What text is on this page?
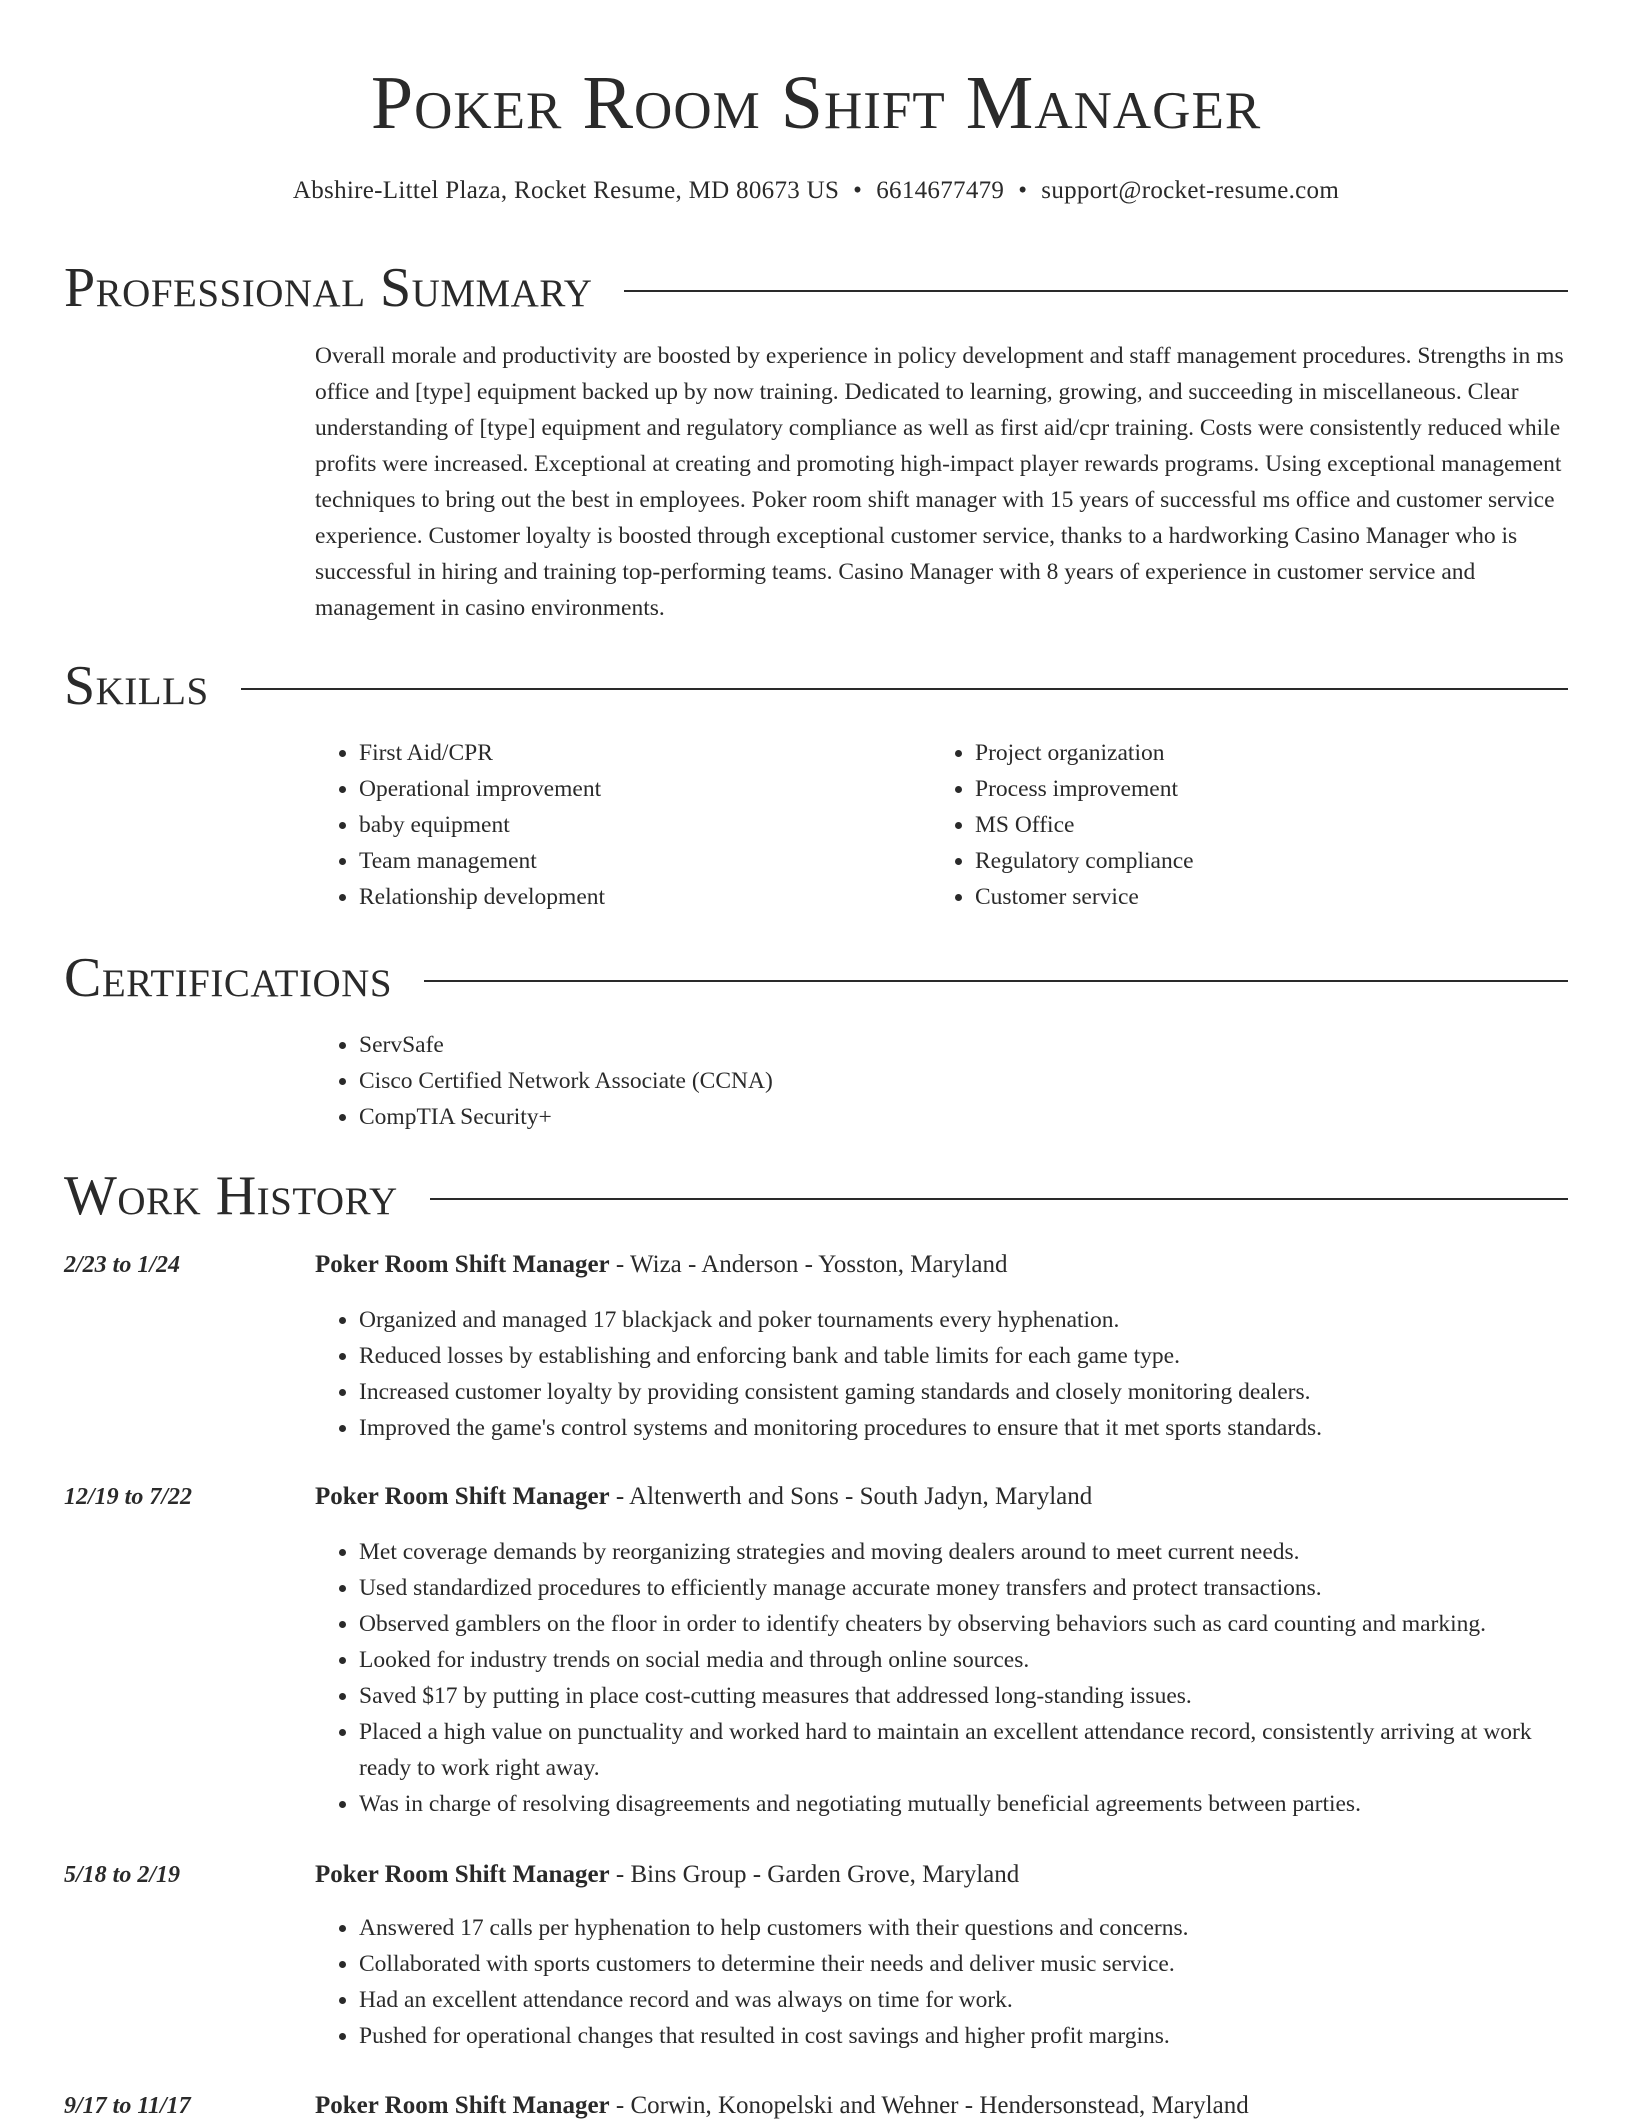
Poker Room Shift Manager
Abshire-Littel Plaza, Rocket Resume, MD 80673 US • 6614677479 • support@rocket-resume.com
Professional Summary

Overall morale and productivity are boosted by experience in policy development and staff management procedures. Strengths in ms office and [type] equipment backed up by now training. Dedicated to learning, growing, and succeeding in miscellaneous. Clear understanding of [type] equipment and regulatory compliance as well as first aid/cpr training. Costs were consistently reduced while profits were increased. Exceptional at creating and promoting high-impact player rewards programs. Using exceptional management techniques to bring out the best in employees. Poker room shift manager with 15 years of successful ms office and customer service experience. Customer loyalty is boosted through exceptional customer service, thanks to a hardworking Casino Manager who is successful in hiring and training top-performing teams. Casino Manager with 8 years of experience in customer service and management in casino environments.

Skills
• First Aid/CPR
• Operational improvement
• baby equipment
• Team management
• Relationship development
• Project organization
• Process improvement
• MS Office
• Regulatory compliance
• Customer service
Certifications
• ServSafe
• Cisco Certified Network Associate (CCNA)
• CompTIA Security+
Work History
2/23 to 1/24	Poker Room Shift Manager - Wiza - Anderson - Yosston, Maryland
• Organized and managed 17 blackjack and poker tournaments every hyphenation.
• Reduced losses by establishing and enforcing bank and table limits for each game type.
• Increased customer loyalty by providing consistent gaming standards and closely monitoring dealers.
• Improved the game's control systems and monitoring procedures to ensure that it met sports standards.
12/19 to 7/22	Poker Room Shift Manager - Altenwerth and Sons - South Jadyn, Maryland
• Met coverage demands by reorganizing strategies and moving dealers around to meet current needs.
• Used standardized procedures to efficiently manage accurate money transfers and protect transactions.
• Observed gamblers on the floor in order to identify cheaters by observing behaviors such as card counting and marking.
• Looked for industry trends on social media and through online sources.
• Saved $17 by putting in place cost-cutting measures that addressed long-standing issues.
• Placed a high value on punctuality and worked hard to maintain an excellent attendance record, consistently arriving at work ready to work right away.
• Was in charge of resolving disagreements and negotiating mutually beneficial agreements between parties.
5/18 to 2/19	Poker Room Shift Manager - Bins Group - Garden Grove, Maryland
• Answered 17 calls per hyphenation to help customers with their questions and concerns.
• Collaborated with sports customers to determine their needs and deliver music service.
• Had an excellent attendance record and was always on time for work.
• Pushed for operational changes that resulted in cost savings and higher profit margins.
9/17 to 11/17	Poker Room Shift Manager - Corwin, Konopelski and Wehner - Hendersonstead, Maryland
